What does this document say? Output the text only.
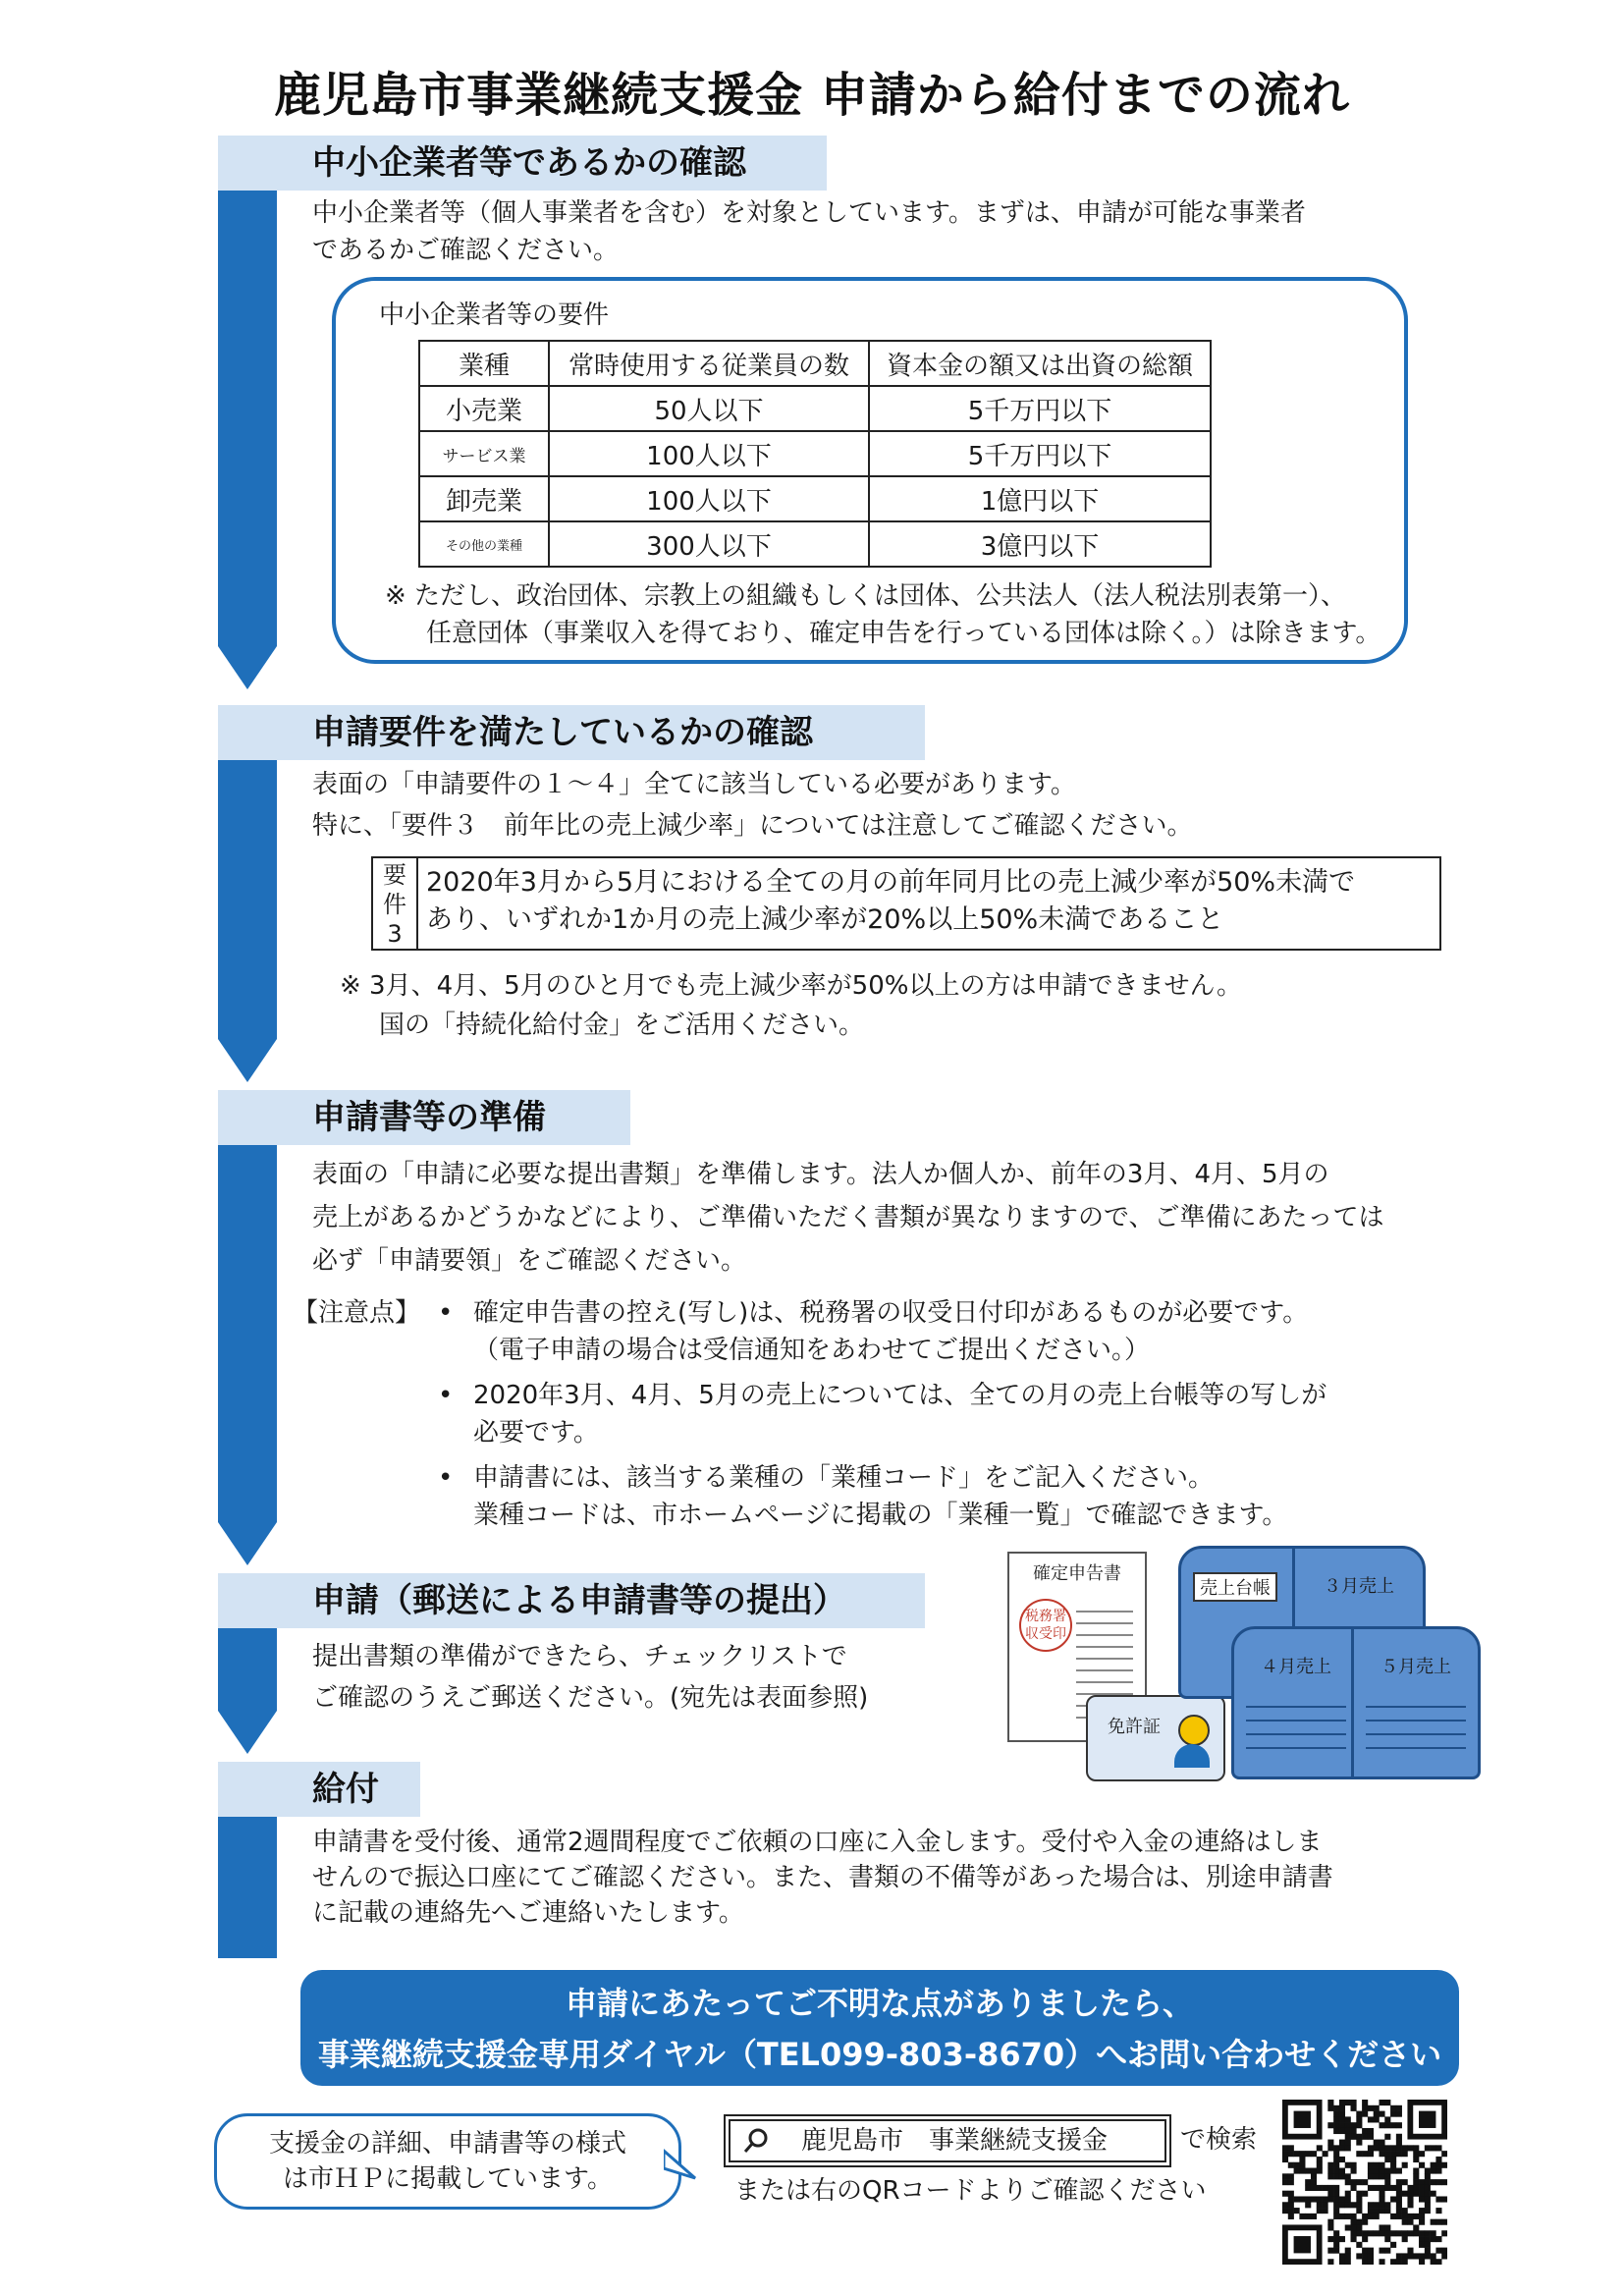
鹿児島市事業継続支援金 申請から給付までの流れ
中小企業者等であるかの確認
申請要件を満たしているかの確認
申請書等の準備
申請（郵送による申請書等の提出）
給付
中小企業者等（個人事業者を含む）を対象としています。まずは、申請が可能な事業者
であるかご確認ください。
中小企業者等の要件
業種	常時使用する従業員の数	資本金の額又は出資の総額
小売業	50人以下	5千万円以下
サービス業	100人以下	5千万円以下
卸売業	100人以下	1億円以下
その他の業種	300人以下	3億円以下
※ ただし、政治団体、宗教上の組織もしくは団体、公共法人（法人税法別表第一）、
任意団体（事業収入を得ており、確定申告を行っている団体は除く。）は除きます。
表面の「申請要件の１～４」全てに該当している必要があります。
特に、「要件３　前年比の売上減少率」については注意してご確認ください。
要
件
3
2020年3月から5月における全ての月の前年同月比の売上減少率が50%未満で
あり、いずれか1か月の売上減少率が20%以上50%未満であること
※ 3月、4月、5月のひと月でも売上減少率が50%以上の方は申請できません。
国の「持続化給付金」をご活用ください。
表面の「申請に必要な提出書類」を準備します。法人か個人か、前年の3月、4月、5月の
売上があるかどうかなどにより、ご準備いただく書類が異なりますので、ご準備にあたっては
必ず「申請要領」をご確認ください。
【注意点】 • 確定申告書の控え(写し)は、税務署の収受日付印があるものが必要です。
（電子申請の場合は受信通知をあわせてご提出ください。）
• 2020年3月、4月、5月の売上については、全ての月の売上台帳等の写しが
必要です。
• 申請書には、該当する業種の「業種コード」をご記入ください。
業種コードは、市ホームページに掲載の「業種一覧」で確認できます。
提出書類の準備ができたら、チェックリストで
ご確認のうえご郵送ください。(宛先は表面参照)
確定申告書
税務署
収受印
免許証
売上台帳	３月売上
４月売上	５月売上
申請書を受付後、通常2週間程度でご依頼の口座に入金します。受付や入金の連絡はしま
せんので振込口座にてご確認ください。また、書類の不備等があった場合は、別途申請書
に記載の連絡先へご連絡いたします。
申請にあたってご不明な点がありましたら、
事業継続支援金専用ダイヤル（TEL099-803-8670）へお問い合わせください
支援金の詳細、申請書等の様式
は市ＨＰに掲載しています。
鹿児島市　事業継続支援金	で検索
または右のQRコードよりご確認ください
